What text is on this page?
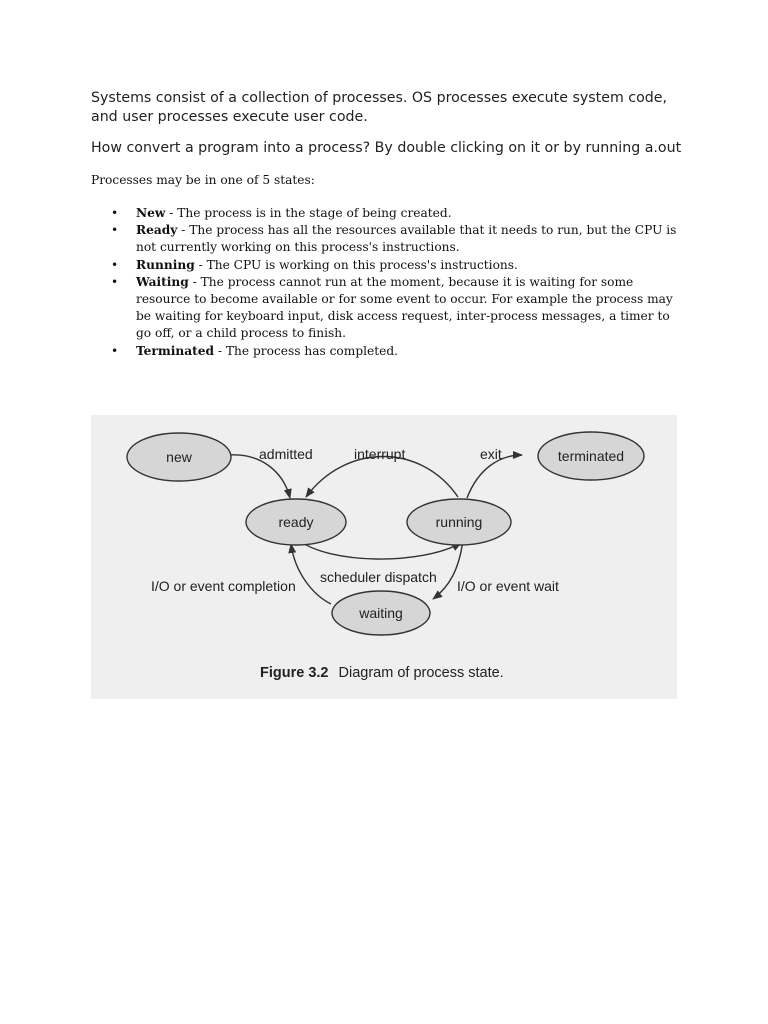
Systems consist of a collection of processes. OS processes execute system code, and user processes execute user code.

How convert a program into a process? By double clicking on it or by running a.out

Processes may be in one of 5 states:

• New - The process is in the stage of being created.
• Ready - The process has all the resources available that it needs to run, but the CPU is not currently working on this process's instructions.
• Running - The CPU is working on this process's instructions.
• Waiting - The process cannot run at the moment, because it is waiting for some resource to become available or for some event to occur. For example the process may be waiting for keyboard input, disk access request, inter-process messages, a timer to go off, or a child process to finish.
• Terminated - The process has completed.
new
ready	running
waiting
terminated
admitted	interrupt	exit
scheduler dispatch
I/O or event completion	I/O or event wait
Figure 3.2 Diagram of process state.
